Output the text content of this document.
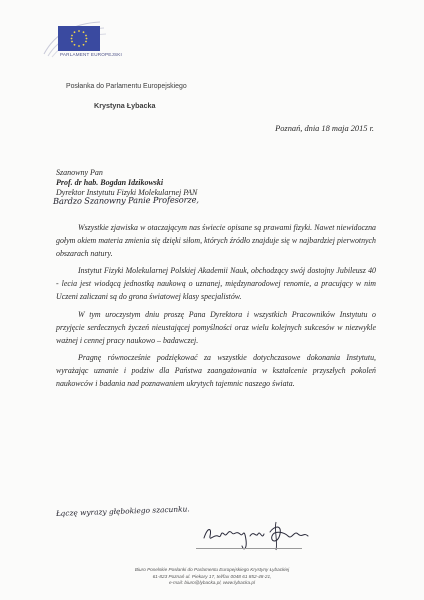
PARLAMENT EUROPEJSKI
Posłanka do Parlamentu Europejskiego
Krystyna Łybacka
Poznań, dnia 18 maja 2015 r.
Szanowny Pan
Prof. dr hab. Bogdan Idzikowski
Dyrektor Instytutu Fizyki Molekularnej PAN
Bardzo Szanowny Panie Profesorze,

Wszystkie zjawiska w otaczającym nas świecie opisane są prawami fizyki. Nawet niewidoczna gołym okiem materia zmienia się dzięki siłom, których źródło znajduje się w najbardziej pierwotnych obszarach natury.

Instytut Fizyki Molekularnej Polskiej Akademii Nauk, obchodzący swój dostojny Jubileusz 40 - lecia jest wiodącą jednostką naukową o uznanej, międzynarodowej renomie, a pracujący w nim Uczeni zaliczani są do grona światowej klasy specjalistów.

W tym uroczystym dniu proszę Pana Dyrektora i wszystkich Pracowników Instytutu o przyjęcie serdecznych życzeń nieustającej pomyślności oraz wielu kolejnych sukcesów w niezwykle ważnej i cennej pracy naukowo – badawczej.

Pragnę równocześnie podziękować za wszystkie dotychczasowe dokonania Instytutu, wyrażając uznanie i podziw dla Państwa zaangażowania w kształcenie przyszłych pokoleń naukowców i badania nad poznawaniem ukrytych tajemnic naszego świata.

Łączę wyrazy głębokiego szacunku.
Biuro Poselskie Posłanki do Parlamentu Europejskiego Krystyny Łybackiej
61-823 Poznań ul. Piekary 17, tel/fax 0048 61 852-48-21,
e-mail: biuro@lybacka.pl, www.lybacka.pl
